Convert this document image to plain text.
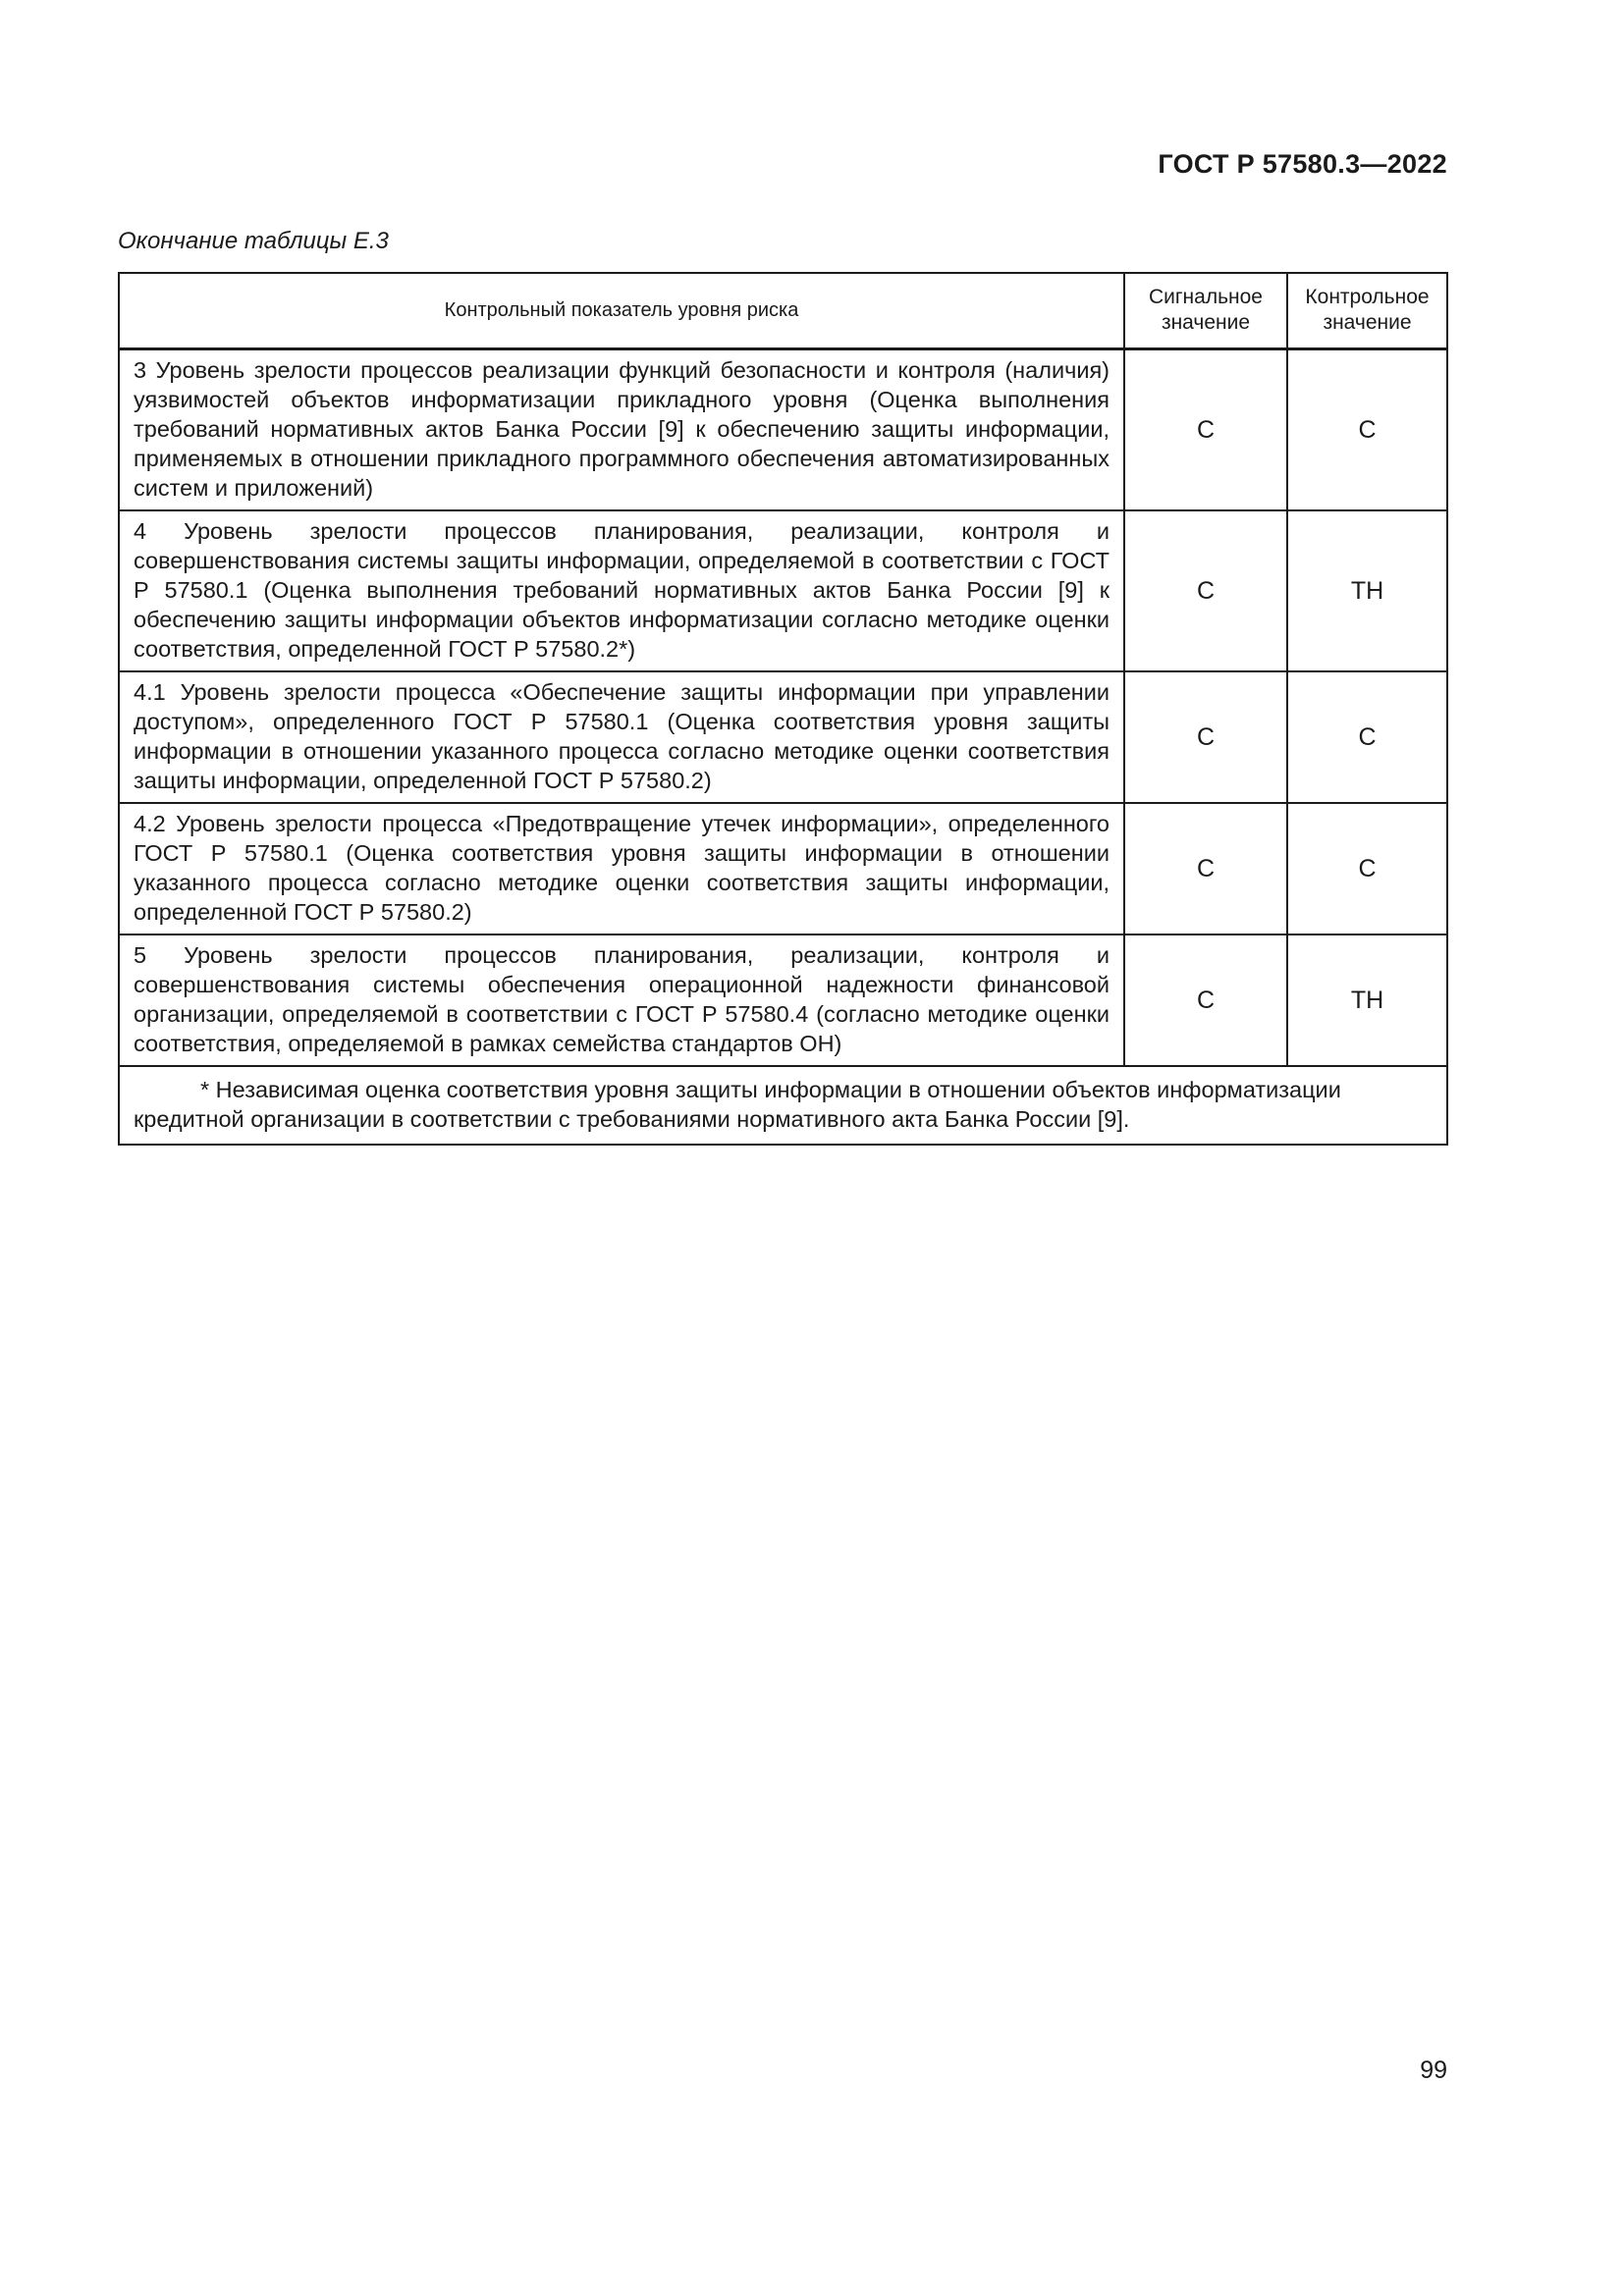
ГОСТ Р 57580.3—2022
Окончание таблицы Е.3
Контрольный показатель уровня риска	Сигнальное значение	Контрольное значение
3 Уровень зрелости процессов реализации функций безопасности и контроля (наличия) уязвимостей объектов информатизации прикладного уровня (Оценка выполнения требований нормативных актов Банка России [9] к обеспечению защиты информации, применяемых в отношении прикладного программного обеспечения автоматизированных систем и приложений)	С	С
4 Уровень зрелости процессов планирования, реализации, контроля и совершенствования системы защиты информации, определяемой в соответствии с ГОСТ Р 57580.1 (Оценка выполнения требований нормативных актов Банка России [9] к обеспечению защиты информации объектов информатизации согласно методике оценки соответствия, определенной ГОСТ Р 57580.2*)	С	ТН
4.1 Уровень зрелости процесса «Обеспечение защиты информации при управлении доступом», определенного ГОСТ Р 57580.1 (Оценка соответствия уровня защиты информации в отношении указанного процесса согласно методике оценки соответствия защиты информации, определенной ГОСТ Р 57580.2)	С	С
4.2 Уровень зрелости процесса «Предотвращение утечек информации», определенного ГОСТ Р 57580.1 (Оценка соответствия уровня защиты информации в отношении указанного процесса согласно методике оценки соответствия защиты информации, определенной ГОСТ Р 57580.2)	С	С
5 Уровень зрелости процессов планирования, реализации, контроля и совершенствования системы обеспечения операционной надежности финансовой организации, определяемой в соответствии с ГОСТ Р 57580.4 (согласно методике оценки соответствия, определяемой в рамках семейства стандартов ОН)	С	ТН

* Независимая оценка соответствия уровня защиты информации в отношении объектов информатизации
кредитной организации в соответствии с требованиями нормативного акта Банка России [9].		
99
